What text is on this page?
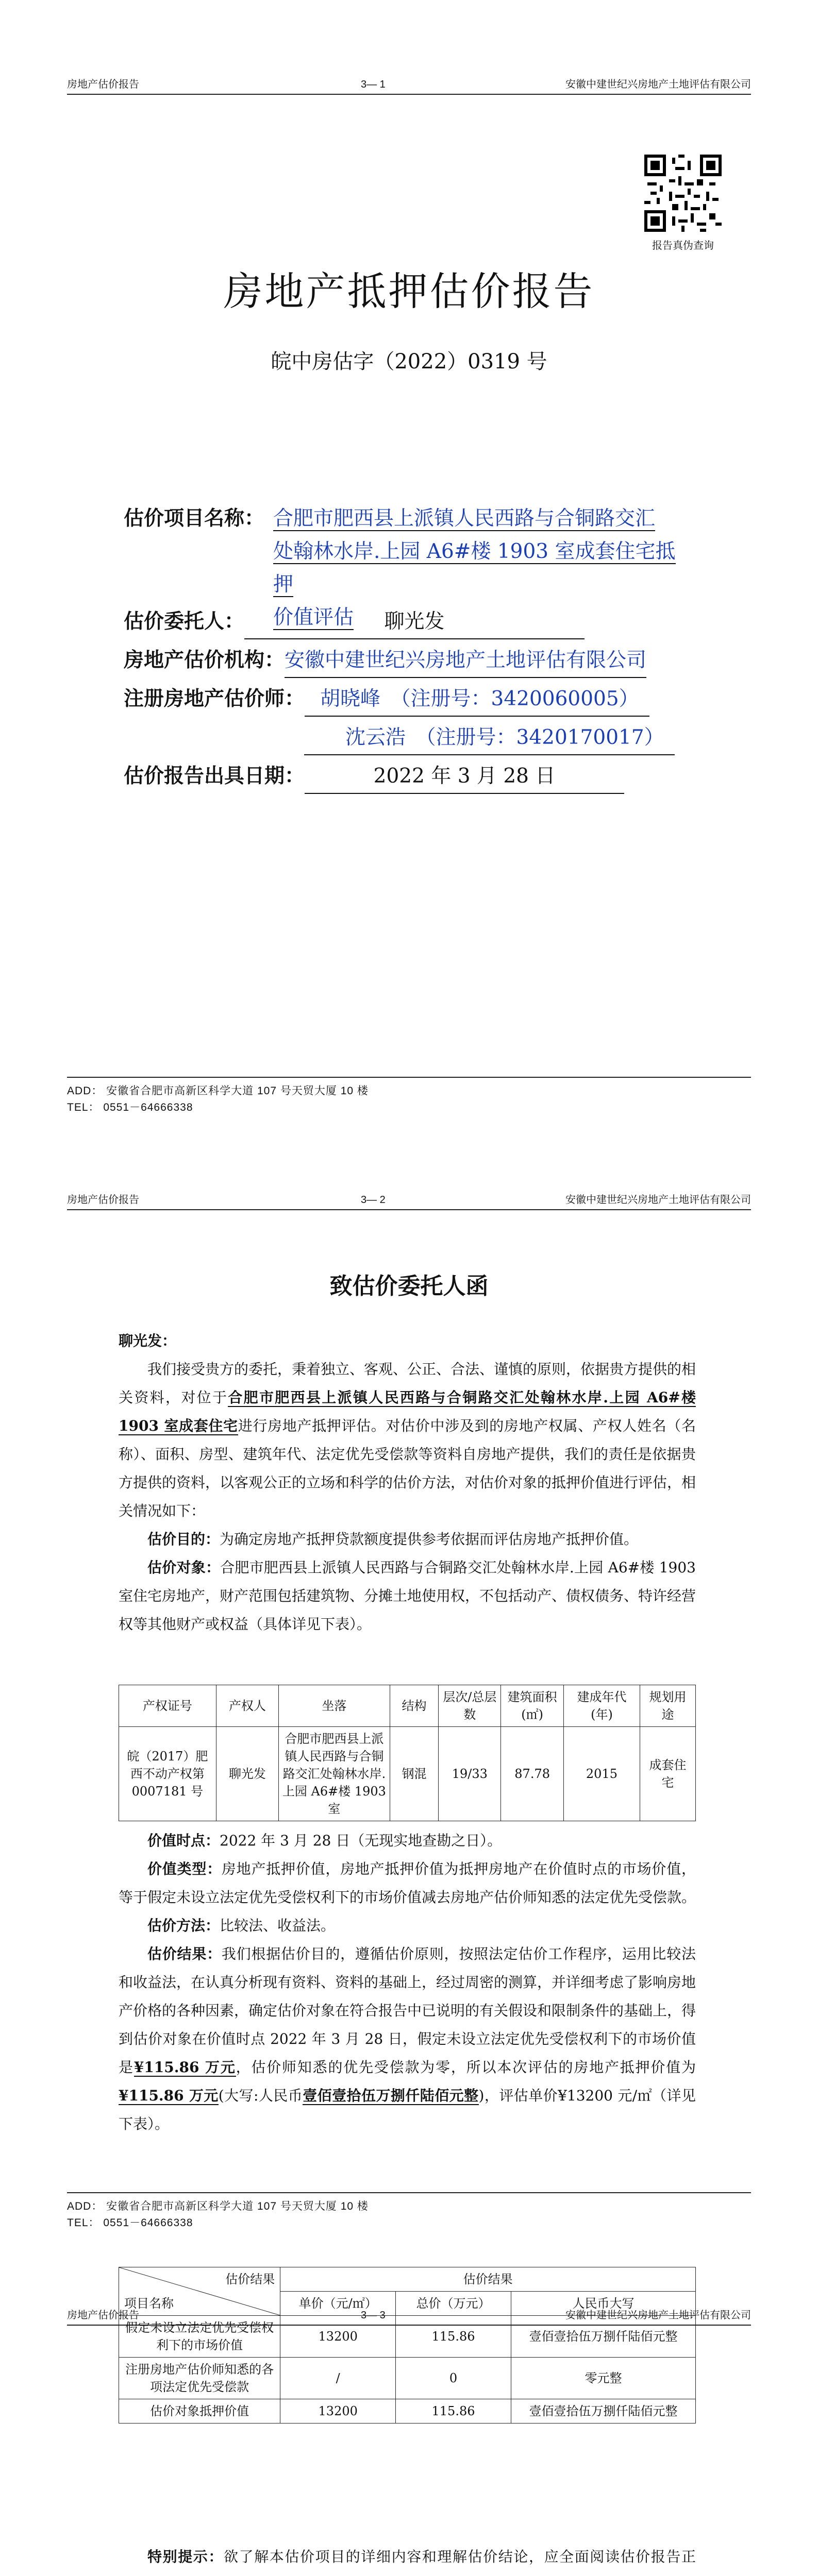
房地产估价报告	3— 1	安徽中建世纪兴房地产土地评估有限公司
报告真伪查询
房地产抵押估价报告
皖中房估字（2022）0319 号
估价项目名称： 合肥市肥西县上派镇人民西路与合铜路交汇
处翰林水岸.上园 A6#楼 1903 室成套住宅抵押
价值评估
估价委托人：	聊光发
房地产估价机构：安徽中建世纪兴房地产土地评估有限公司
注册房地产估价师： 胡晓峰　（注册号：3420060005）
沈云浩　（注册号：3420170017）
估价报告出具日期：	2022 年 3 月 28 日
ADD： 安徽省合肥市高新区科学大道 107 号天贸大厦 10 楼
TEL： 0551－64666338
房地产估价报告	3— 2	安徽中建世纪兴房地产土地评估有限公司
ADD： 安徽省合肥市高新区科学大道 107 号天贸大厦 10 楼
TEL： 0551－64666338
致估价委托人函

聊光发：

我们接受贵方的委托，秉着独立、客观、公正、合法、谨慎的原则，依据贵方提供的相关资料，对位于合肥市肥西县上派镇人民西路与合铜路交汇处翰林水岸.上园 A6#楼 1903 室成套住宅进行房地产抵押评估。对估价中涉及到的房地产权属、产权人姓名（名称）、面积、房型、建筑年代、法定优先受偿款等资料自房地产提供，我们的责任是依据贵方提供的资料，以客观公正的立场和科学的估价方法，对估价对象的抵押价值进行评估，相关情况如下：

估价目的：为确定房地产抵押贷款额度提供参考依据而评估房地产抵押价值。

估价对象：合肥市肥西县上派镇人民西路与合铜路交汇处翰林水岸.上园 A6#楼 1903 室住宅房地产，财产范围包括建筑物、分摊土地使用权，不包括动产、债权债务、特许经营权等其他财产或权益（具体详见下表）。

产权证号	产权人	坐落	结构	层次/总层数	建筑面积(㎡)	建成年代(年)	规划用途
皖（2017）肥西不动产权第0007181 号	聊光发	合肥市肥西县上派镇人民西路与合铜路交汇处翰林水岸.上园 A6#楼 1903 室	钢混	19/33	87.78	2015	成套住宅

价值时点：2022 年 3 月 28 日（无现实地查勘之日）。

价值类型：房地产抵押价值，房地产抵押价值为抵押房地产在价值时点的市场价值，等于假定未设立法定优先受偿权利下的市场价值减去房地产估价师知悉的法定优先受偿款。

估价方法：比较法、收益法。

估价结果：我们根据估价目的，遵循估价原则，按照法定估价工作程序，运用比较法和收益法，在认真分析现有资料、资料的基础上，经过周密的测算，并详细考虑了影响房地产价格的各种因素，确定估价对象在符合报告中已说明的有关假设和限制条件的基础上，得到估价对象在价值时点 2022 年 3 月 28 日，假定未设立法定优先受偿权利下的市场价值是¥115.86 万元，估价师知悉的优先受偿款为零，所以本次评估的房地产抵押价值为¥115.86 万元(大写:人民币壹佰壹拾伍万捌仟陆佰元整)，评估单价¥13200 元/㎡（详见下表）。

房地产估价报告	3— 3	安徽中建世纪兴房地产土地评估有限公司
估价结果
项目名称	估价结果		
	单价（元/㎡）	总价（万元）	人民币大写
假定未设立法定优先受偿权利下的市场价值	13200	115.86	壹佰壹拾伍万捌仟陆佰元整
注册房地产估价师知悉的各项法定优先受偿款	/	0	零元整
估价对象抵押价值	13200	115.86	壹佰壹拾伍万捌仟陆佰元整

特别提示：欲了解本估价项目的详细内容和理解估价结论，应全面阅读估价报告正
